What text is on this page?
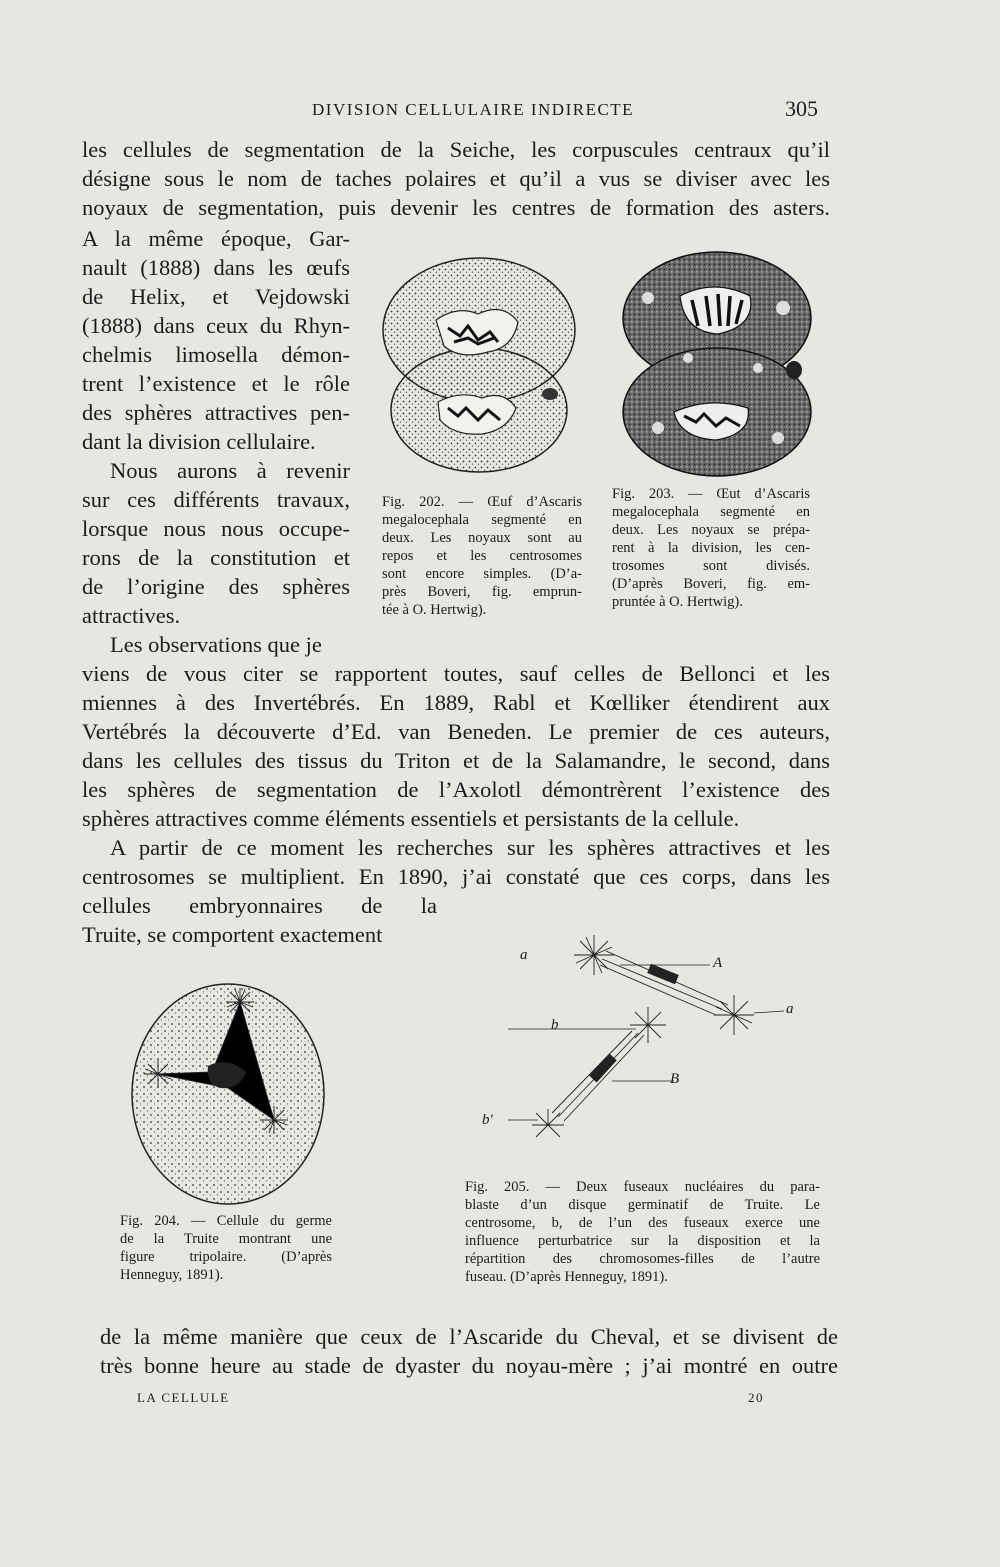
DIVISION CELLULAIRE INDIRECTE	305
les cellules de segmentation de la Seiche, les corpuscules centraux qu’il
désigne sous le nom de taches polaires et qu’il a vus se diviser avec les
noyaux de segmentation, puis devenir les centres de formation des asters.
A la même époque, Gar-
nault (1888) dans les œufs
de Helix, et Vejdowski
(1888) dans ceux du Rhyn-
chelmis limosella démon-
trent l’existence et le rôle
des sphères attractives pen-
dant la division cellulaire.
Nous aurons à revenir
sur ces différents travaux,
lorsque nous nous occupe-
rons de la constitution et
de l’origine des sphères
attractives.
Les observations que je
Fig. 202. — Œuf d’Ascaris
megalocephala segmenté en
deux. Les noyaux sont au
repos et les centrosomes
sont encore simples. (D’a-
près Boveri, fig. emprun-
tée à O. Hertwig).
Fig. 203. — Œut d’Ascaris
megalocephala segmenté en
deux. Les noyaux se prépa-
rent à la division, les cen-
trosomes sont divisés.
(D’après Boveri, fig. em-
pruntée à O. Hertwig).
viens de vous citer se rapportent toutes, sauf celles de Bellonci et les
miennes à des Invertébrés. En 1889, Rabl et Kœlliker étendirent aux
Vertébrés la découverte d’Ed. van Beneden. Le premier de ces auteurs,
dans les cellules des tissus du Triton et de la Salamandre, le second, dans
les sphères de segmentation de l’Axolotl démontrèrent l’existence des
sphères attractives comme éléments essentiels et persistants de la cellule.
A partir de ce moment les recherches sur les sphères attractives et les
centrosomes se multiplient. En 1890, j’ai constaté que ces corps, dans les
cellules embryonnaires de la
Truite, se comportent exactement
Fig. 204. — Cellule du germe
de la Truite montrant une
figure tripolaire. (D’après
Henneguy, 1891).
a	A
b
a
B
b′
Fig. 205. — Deux fuseaux nucléaires du para-
blaste d’un disque germinatif de Truite. Le
centrosome, b, de l’un des fuseaux exerce une
influence perturbatrice sur la disposition et la
répartition des chromosomes-filles de l’autre
fuseau. (D’après Henneguy, 1891).
de la même manière que ceux de l’Ascaride du Cheval, et se divisent de
très bonne heure au stade de dyaster du noyau-mère ; j’ai montré en outre
LA CELLULE	20
